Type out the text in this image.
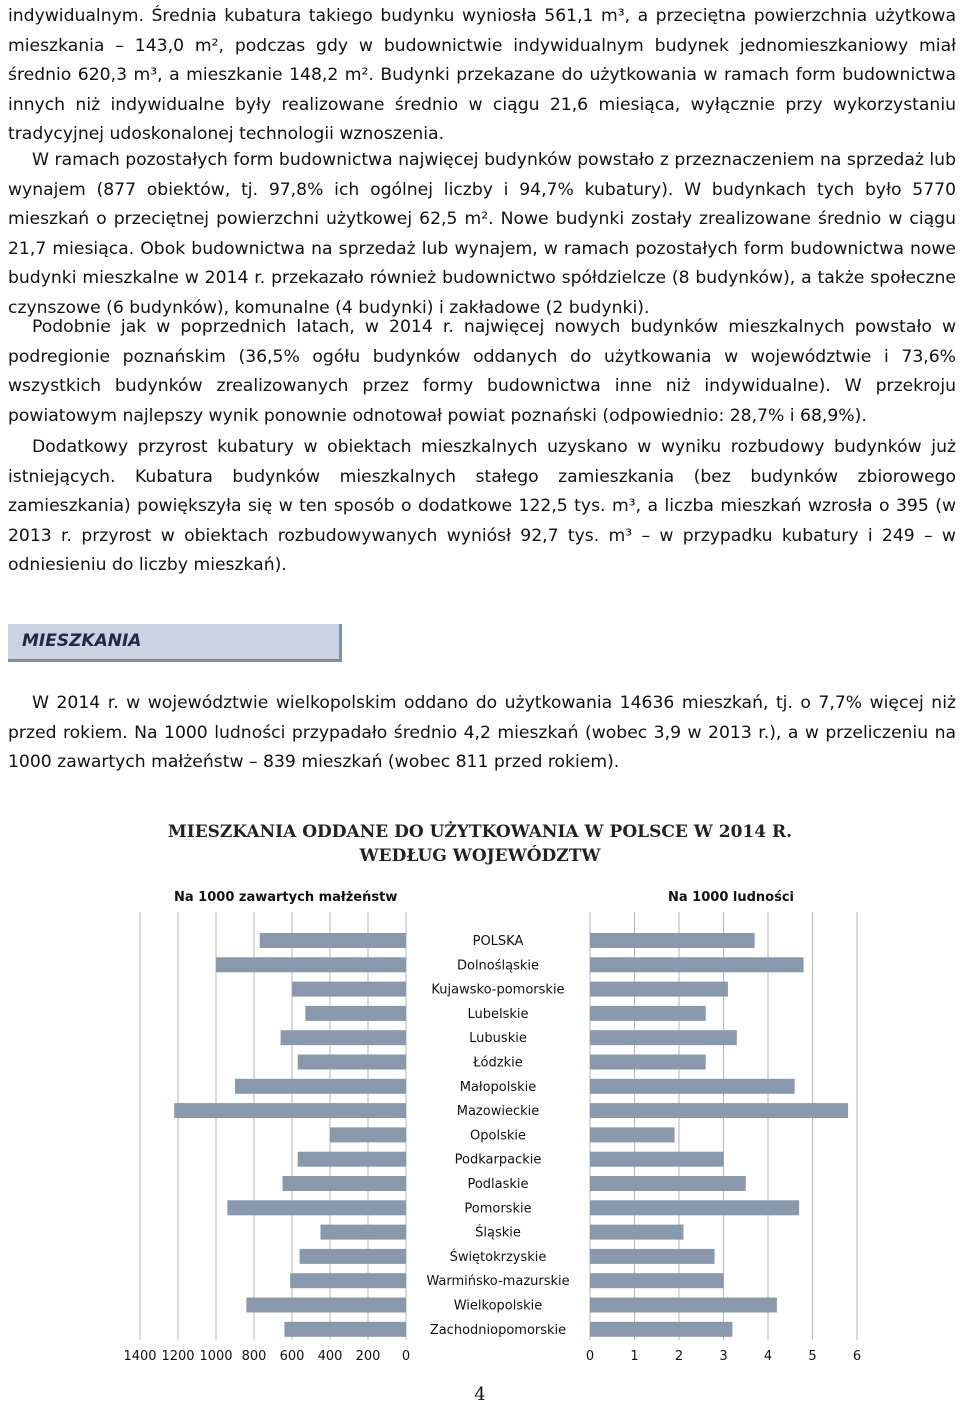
indywidualnym. Średnia kubatura takiego budynku wyniosła 561,1 m³, a przeciętna powierzchnia użytkowa mieszkania – 143,0 m², podczas gdy w budownictwie indywidualnym budynek jednomieszkaniowy miał średnio 620,3 m³, a mieszkanie 148,2 m². Budynki przekazane do użytkowania w ramach form budownictwa innych niż indywidualne były realizowane średnio w ciągu 21,6 miesiąca, wyłącznie przy wykorzystaniu tradycyjnej udoskonalonej technologii wznoszenia.

W ramach pozostałych form budownictwa najwięcej budynków powstało z przeznaczeniem na sprzedaż lub wynajem (877 obiektów, tj. 97,8% ich ogólnej liczby i 94,7% kubatury). W budynkach tych było 5770 mieszkań o przeciętnej powierzchni użytkowej 62,5 m². Nowe budynki zostały zrealizowane średnio w ciągu 21,7 miesiąca. Obok budownictwa na sprzedaż lub wynajem, w ramach pozostałych form budownictwa nowe budynki mieszkalne w 2014 r. przekazało również budownictwo spółdzielcze (8 budynków), a także społeczne czynszowe (6 budynków), komunalne (4 budynki) i zakładowe (2 budynki).

Podobnie jak w poprzednich latach, w 2014 r. najwięcej nowych budynków mieszkalnych powstało w podregionie poznańskim (36,5% ogółu budynków oddanych do użytkowania w województwie i 73,6% wszystkich budynków zrealizowanych przez formy budownictwa inne niż indywidualne). W przekroju powiatowym najlepszy wynik ponownie odnotował powiat poznański (odpowiednio: 28,7% i 68,9%).

Dodatkowy przyrost kubatury w obiektach mieszkalnych uzyskano w wyniku rozbudowy budynków już istniejących. Kubatura budynków mieszkalnych stałego zamieszkania (bez budynków zbiorowego zamieszkania) powiększyła się w ten sposób o dodatkowe 122,5 tys. m³, a liczba mieszkań wzrosła o 395 (w 2013 r. przyrost w obiektach rozbudowywanych wyniósł 92,7 tys. m³ – w przypadku kubatury i 249 – w odniesieniu do liczby mieszkań).

MIESZKANIA

W 2014 r. w województwie wielkopolskim oddano do użytkowania 14636 mieszkań, tj. o 7,7% więcej niż przed rokiem. Na 1000 ludności przypadało średnio 4,2 mieszkań (wobec 3,9 w 2013 r.), a w przeliczeniu na 1000 zawartych małżeństw – 839 mieszkań (wobec 811 przed rokiem).

MIESZKANIA ODDANE DO UŻYTKOWANIA W POLSCE W 2014 R.
WEDŁUG WOJEWÓDZTW
Na 1000 zawartych małżeństw	Na 1000 ludności
1400 1200 1000 800 600 400 200 0	0	1	2	3	4	5	6
POLSKA
Dolnośląskie
Kujawsko-pomorskie
Lubelskie
Lubuskie
Łódzkie
Małopolskie
Mazowieckie
Opolskie
Podkarpackie
Podlaskie
Pomorskie
Śląskie
Świętokrzyskie
Warmińsko-mazurskie
Wielkopolskie
Zachodniopomorskie
4
